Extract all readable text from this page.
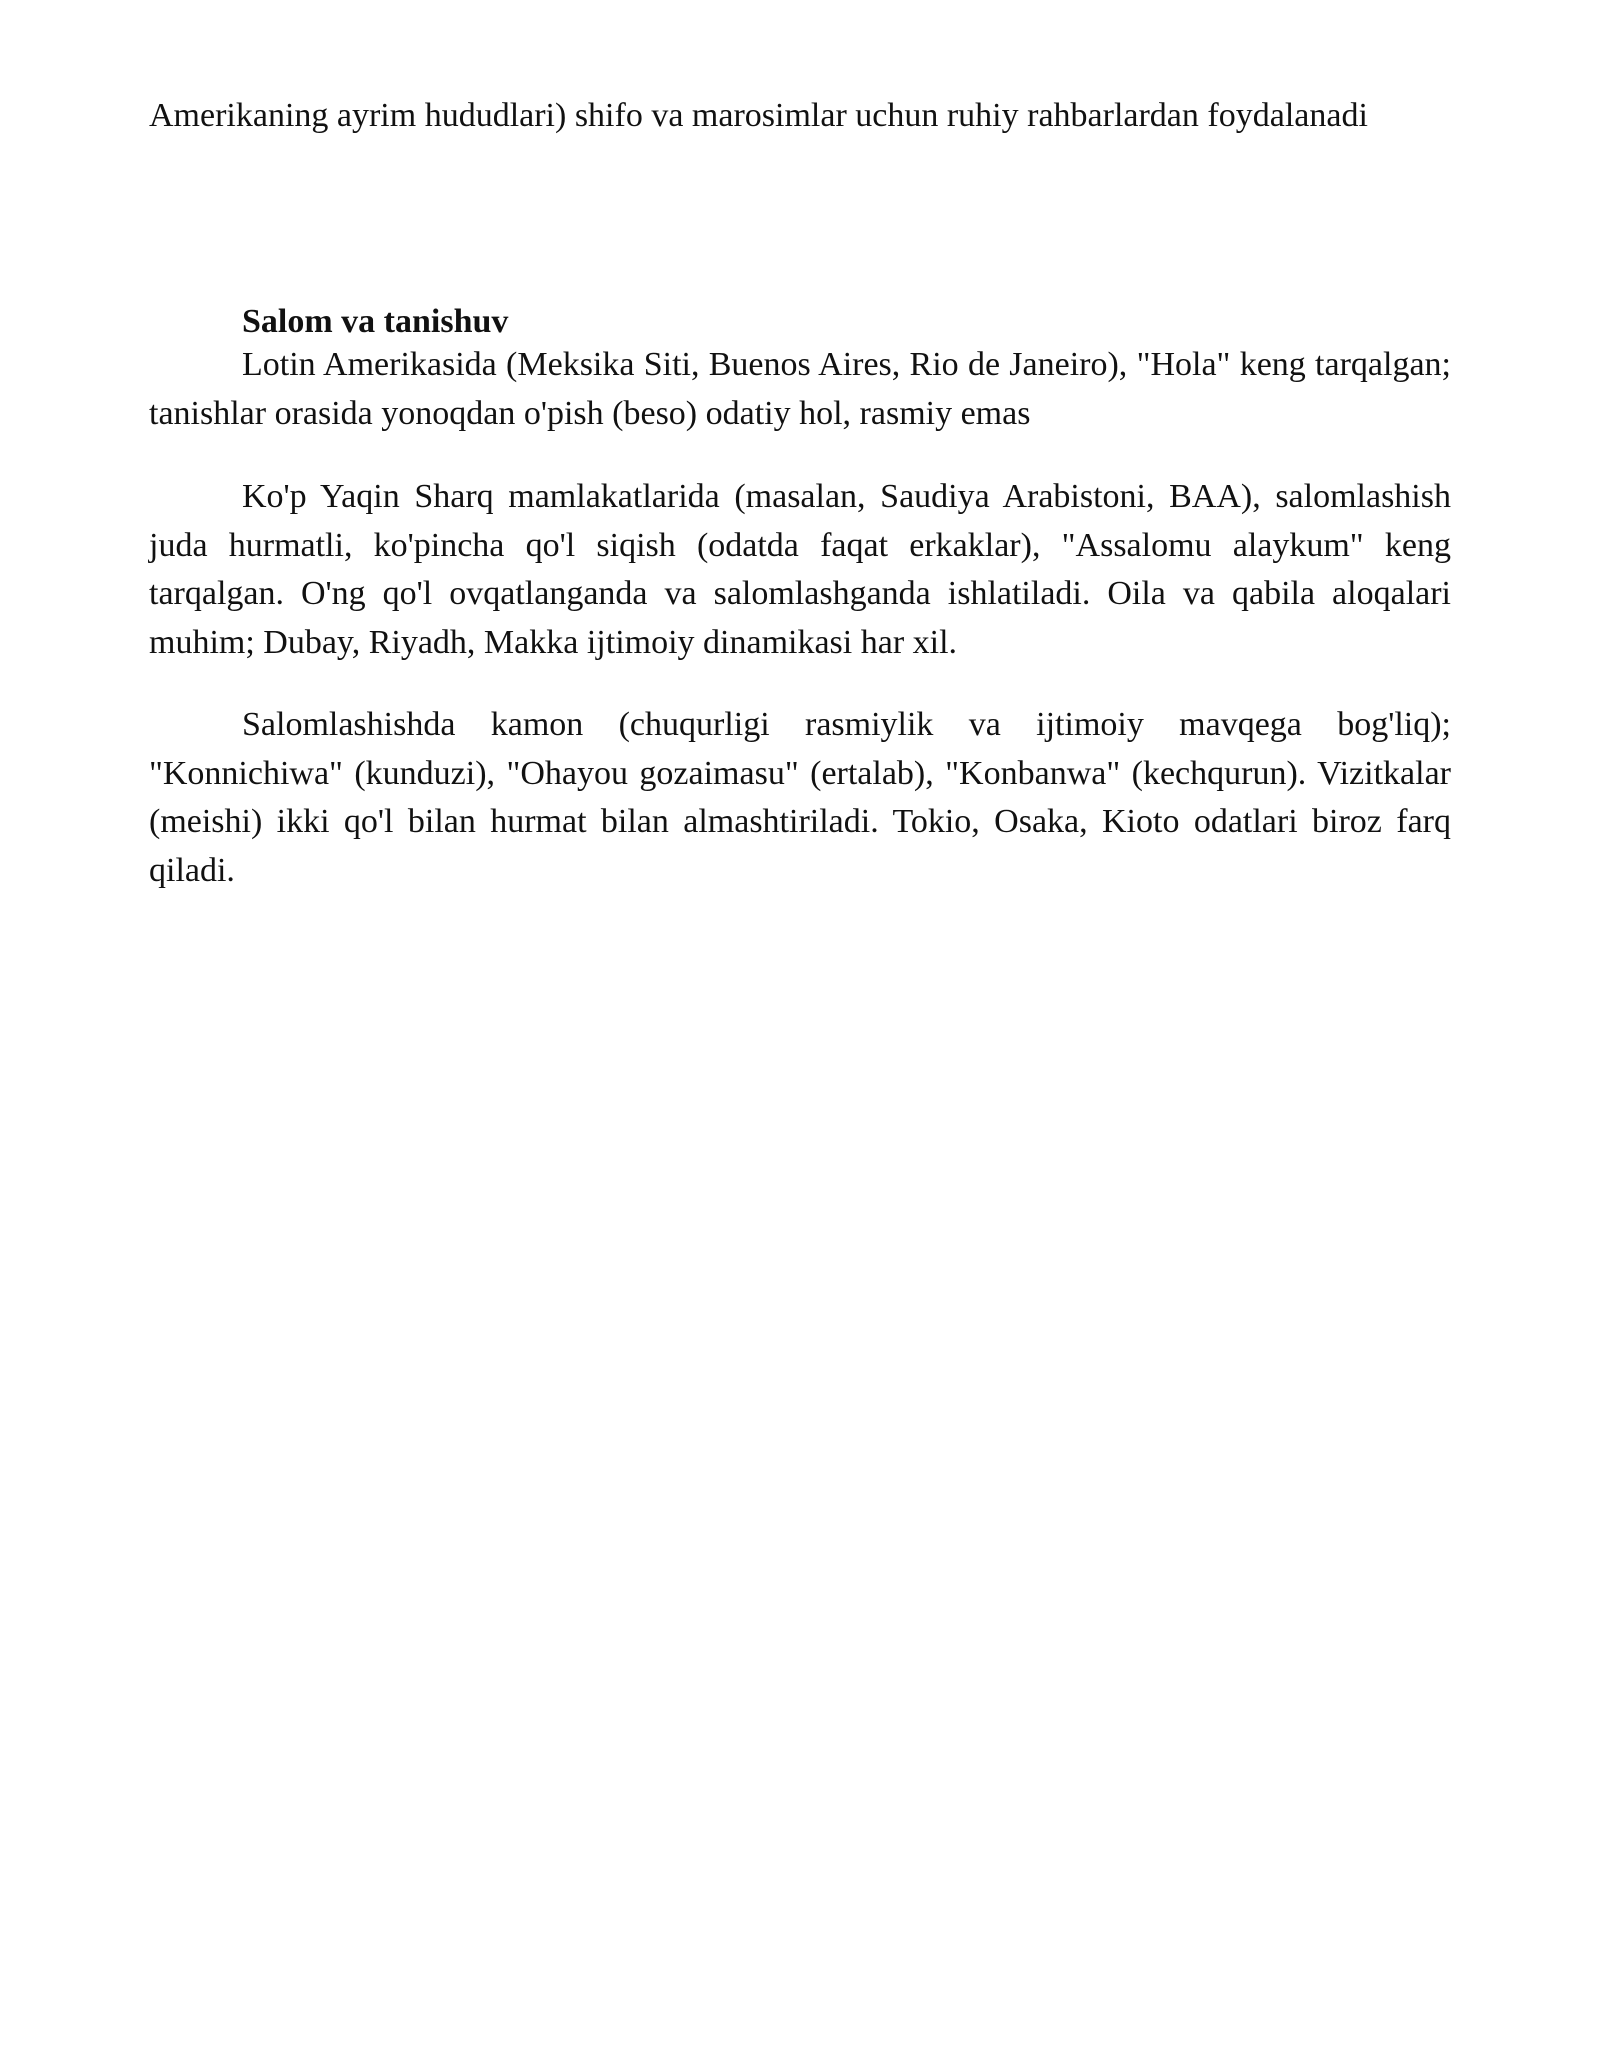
Amerikaning ayrim hududlari) shifo va marosimlar uchun ruhiy rahbarlardan foydalanadi

Salom va tanishuv

Lotin Amerikasida (Meksika Siti, Buenos Aires, Rio de Janeiro), "Hola" keng tarqalgan; tanishlar orasida yonoqdan o'pish (beso) odatiy hol, rasmiy emas

Ko'p Yaqin Sharq mamlakatlarida (masalan, Saudiya Arabistoni, BAA), salomlashish juda hurmatli, ko'pincha qo'l siqish (odatda faqat erkaklar), "Assalomu alaykum" keng tarqalgan. O'ng qo'l ovqatlanganda va salomlashganda ishlatiladi. Oila va qabila aloqalari muhim; Dubay, Riyadh, Makka ijtimoiy dinamikasi har xil.

Salomlashishda kamon (chuqurligi rasmiylik va ijtimoiy mavqega bog'liq); "Konnichiwa" (kunduzi), "Ohayou gozaimasu" (ertalab), "Konbanwa" (kechqurun). Vizitkalar (meishi) ikki qo'l bilan hurmat bilan almashtiriladi. Tokio, Osaka, Kioto odatlari biroz farq qiladi.
